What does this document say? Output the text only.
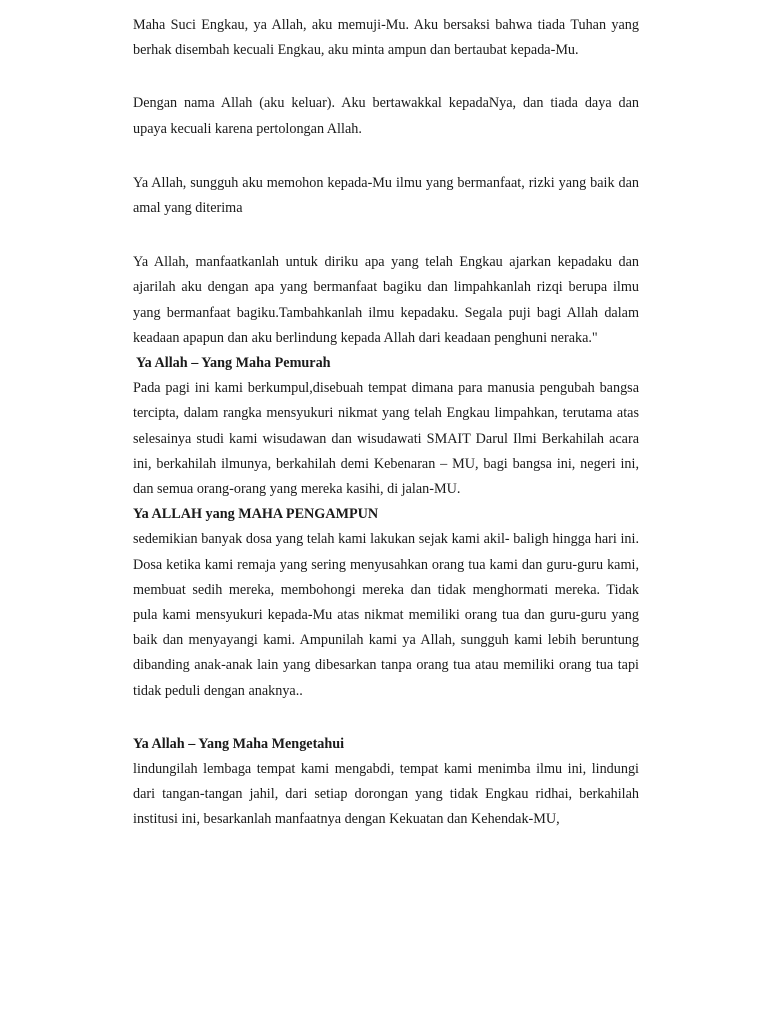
Maha Suci Engkau, ya Allah, aku memuji-Mu. Aku bersaksi bahwa tiada Tuhan yang berhak disembah kecuali Engkau, aku minta ampun dan bertaubat kepada-Mu.

Dengan nama Allah (aku keluar). Aku bertawakkal kepadaNya, dan tiada daya dan upaya kecuali karena pertolongan Allah.

Ya Allah, sungguh aku memohon kepada-Mu ilmu yang bermanfaat, rizki yang baik dan amal yang diterima

Ya Allah, manfaatkanlah untuk diriku apa yang telah Engkau ajarkan kepadaku dan ajarilah aku dengan apa yang bermanfaat bagiku dan limpahkanlah rizqi berupa ilmu yang bermanfaat bagiku.Tambahkanlah ilmu kepadaku. Segala puji bagi Allah dalam keadaan apapun dan aku berlindung kepada Allah dari keadaan penghuni neraka."

Ya Allah – Yang Maha Pemurah

Pada pagi ini kami berkumpul,disebuah tempat dimana para manusia pengubah bangsa tercipta, dalam rangka mensyukuri nikmat yang telah Engkau limpahkan, terutama atas selesainya studi kami wisudawan dan wisudawati SMAIT Darul Ilmi Berkahilah acara ini, berkahilah ilmunya, berkahilah demi Kebenaran – MU, bagi bangsa ini, negeri ini, dan semua orang-orang yang mereka kasihi, di jalan-MU.

Ya ALLAH yang MAHA PENGAMPUN

sedemikian banyak dosa yang telah kami lakukan sejak kami akil- baligh hingga hari ini. Dosa ketika kami remaja yang sering menyusahkan orang tua kami dan guru-guru kami, membuat sedih mereka, membohongi mereka dan tidak menghormati mereka. Tidak pula kami mensyukuri kepada-Mu atas nikmat memiliki orang tua dan guru-guru yang baik dan menyayangi kami. Ampunilah kami ya Allah, sungguh kami lebih beruntung dibanding anak-anak lain yang dibesarkan tanpa orang tua atau memiliki orang tua tapi tidak peduli dengan anaknya..

Ya Allah – Yang Maha Mengetahui

lindungilah lembaga tempat kami mengabdi, tempat kami menimba ilmu ini, lindungi dari tangan-tangan jahil, dari setiap dorongan yang tidak Engkau ridhai, berkahilah institusi ini, besarkanlah manfaatnya dengan Kekuatan dan Kehendak-MU,
